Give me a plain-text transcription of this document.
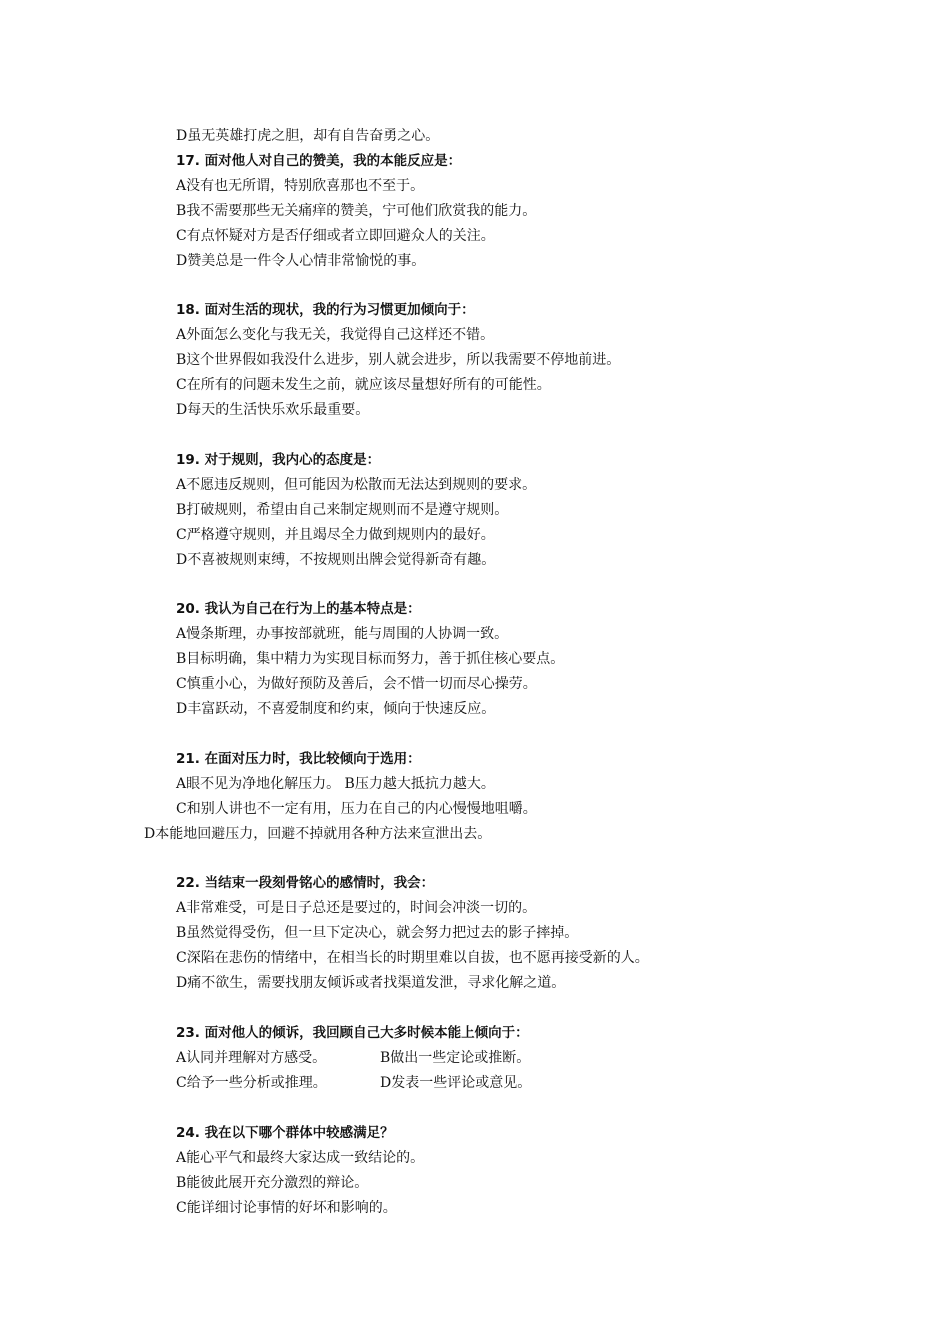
D虽无英雄打虎之胆，却有自告奋勇之心。
17. 面对他人对自己的赞美，我的本能反应是：
A没有也无所谓，特别欣喜那也不至于。
B我不需要那些无关痛痒的赞美，宁可他们欣赏我的能力。
C有点怀疑对方是否仔细或者立即回避众人的关注。
D赞美总是一件令人心情非常愉悦的事。
18. 面对生活的现状，我的行为习惯更加倾向于：
A外面怎么变化与我无关，我觉得自己这样还不错。
B这个世界假如我没什么进步，别人就会进步，所以我需要不停地前进。
C在所有的问题未发生之前，就应该尽量想好所有的可能性。
D每天的生活快乐欢乐最重要。
19. 对于规则，我内心的态度是：
A不愿违反规则，但可能因为松散而无法达到规则的要求。
B打破规则，希望由自己来制定规则而不是遵守规则。
C严格遵守规则，并且竭尽全力做到规则内的最好。
D不喜被规则束缚，不按规则出牌会觉得新奇有趣。
20. 我认为自己在行为上的基本特点是：
A慢条斯理，办事按部就班，能与周围的人协调一致。
B目标明确，集中精力为实现目标而努力，善于抓住核心要点。
C慎重小心，为做好预防及善后，会不惜一切而尽心操劳。
D丰富跃动，不喜爱制度和约束，倾向于快速反应。
21. 在面对压力时，我比较倾向于选用：
A眼不见为净地化解压力。 B压力越大抵抗力越大。
C和别人讲也不一定有用，压力在自己的内心慢慢地咀嚼。
D本能地回避压力，回避不掉就用各种方法来宣泄出去。
22. 当结束一段刻骨铭心的感情时，我会：
A非常难受，可是日子总还是要过的，时间会冲淡一切的。
B虽然觉得受伤，但一旦下定决心，就会努力把过去的影子摔掉。
C深陷在悲伤的情绪中，在相当长的时期里难以自拔，也不愿再接受新的人。
D痛不欲生，需要找朋友倾诉或者找渠道发泄，寻求化解之道。
23. 面对他人的倾诉，我回顾自己大多时候本能上倾向于：
A认同并理解对方感受。	B做出一些定论或推断。
C给予一些分析或推理。	D发表一些评论或意见。
24. 我在以下哪个群体中较感满足？
A能心平气和最终大家达成一致结论的。
B能彼此展开充分激烈的辩论。
C能详细讨论事情的好坏和影响的。
